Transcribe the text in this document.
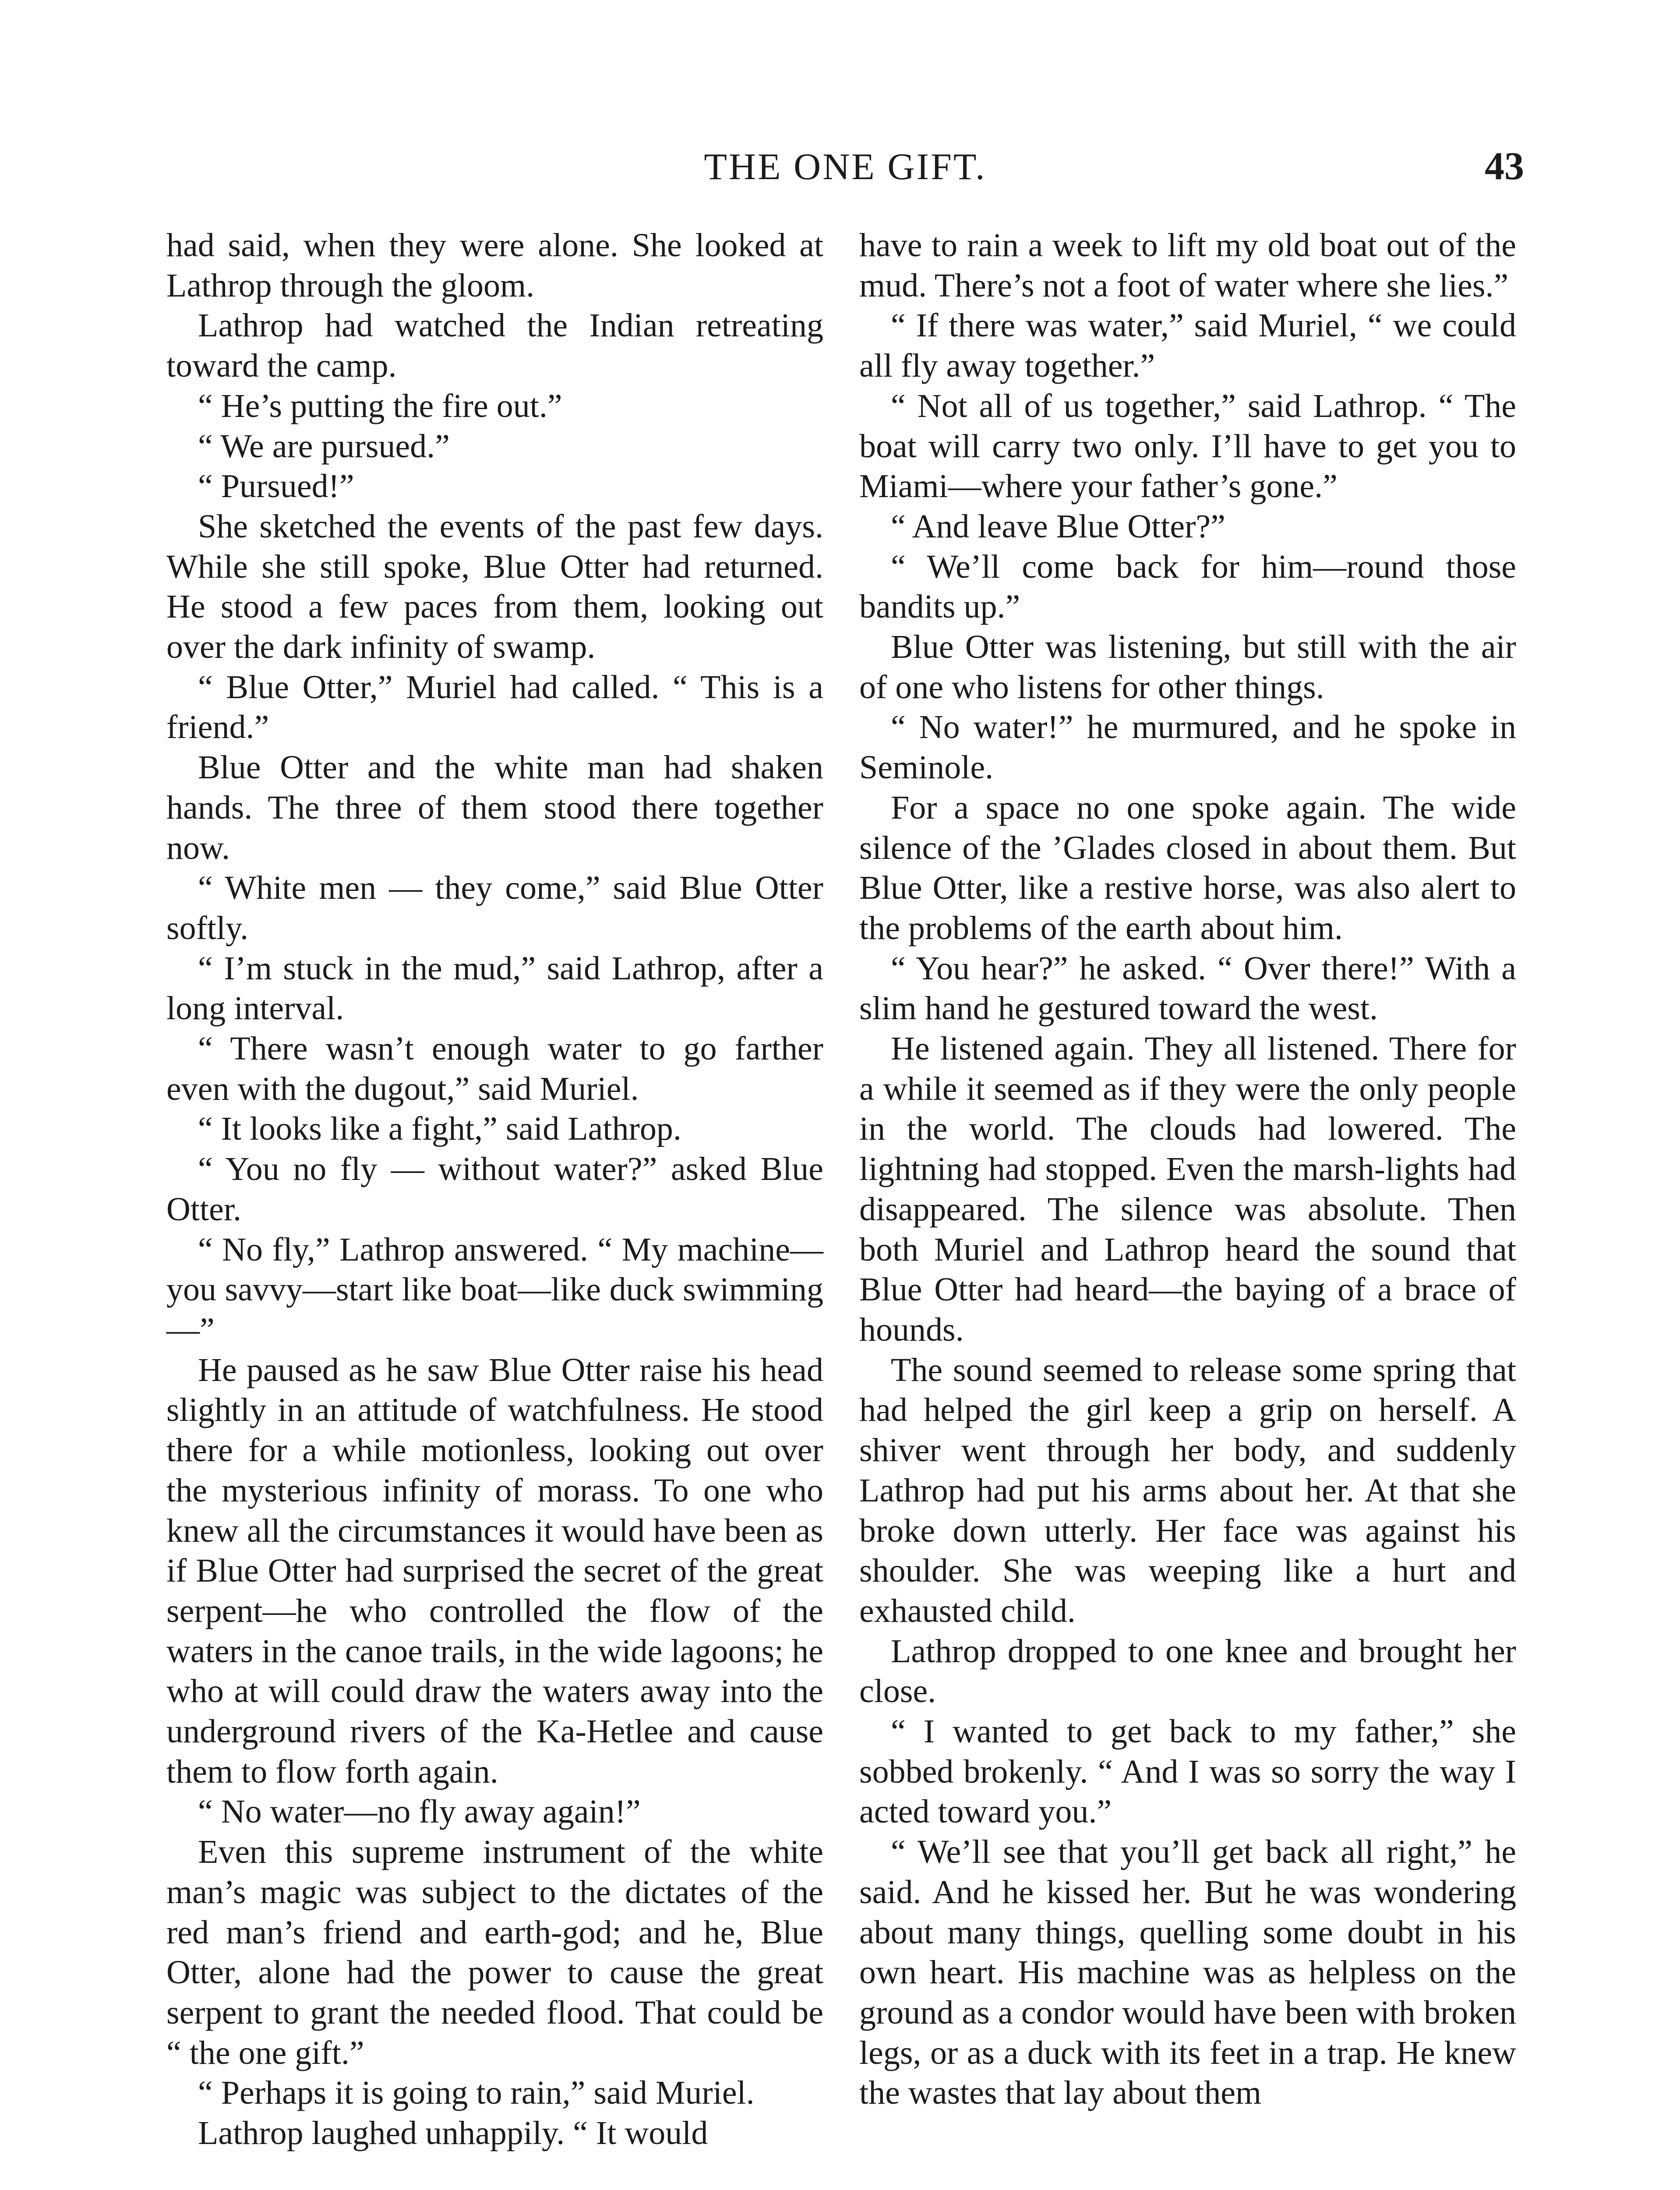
THE ONE GIFT.	43

had said, when they were alone. She looked at Lathrop through the gloom.

Lathrop had watched the Indian retreating toward the camp.

“ He’s putting the fire out.”

“ We are pursued.”

“ Pursued!”

She sketched the events of the past few days. While she still spoke, Blue Otter had returned. He stood a few paces from them, looking out over the dark infinity of swamp.

“ Blue Otter,” Muriel had called. “ This is a friend.”

Blue Otter and the white man had shaken hands. The three of them stood there together now.

“ White men — they come,” said Blue Otter softly.

“ I’m stuck in the mud,” said Lathrop, after a long interval.

“ There wasn’t enough water to go farther even with the dugout,” said Muriel.

“ It looks like a fight,” said Lathrop.

“ You no fly — without water?” asked Blue Otter.

“ No fly,” Lathrop answered. “ My machine—you savvy—start like boat—like duck swimming—”

He paused as he saw Blue Otter raise his head slightly in an attitude of watchfulness. He stood there for a while motionless, looking out over the mysterious infinity of morass. To one who knew all the circumstances it would have been as if Blue Otter had surprised the secret of the great serpent—he who controlled the flow of the waters in the canoe trails, in the wide lagoons; he who at will could draw the waters away into the underground rivers of the Ka-Hetlee and cause them to flow forth again.

“ No water—no fly away again!”

Even this supreme instrument of the white man’s magic was subject to the dictates of the red man’s friend and earth-god; and he, Blue Otter, alone had the power to cause the great serpent to grant the needed flood. That could be “ the one gift.”

“ Perhaps it is going to rain,” said Muriel.

Lathrop laughed unhappily. “ It would

have to rain a week to lift my old boat out of the mud. There’s not a foot of water where she lies.”

“ If there was water,” said Muriel, “ we could all fly away together.”

“ Not all of us together,” said Lathrop. “ The boat will carry two only. I’ll have to get you to Miami—where your father’s gone.”

“ And leave Blue Otter?”

“ We’ll come back for him—round those bandits up.”

Blue Otter was listening, but still with the air of one who listens for other things.

“ No water!” he murmured, and he spoke in Seminole.

For a space no one spoke again. The wide silence of the ’Glades closed in about them. But Blue Otter, like a restive horse, was also alert to the problems of the earth about him.

“ You hear?” he asked. “ Over there!” With a slim hand he gestured toward the west.

He listened again. They all listened. There for a while it seemed as if they were the only people in the world. The clouds had lowered. The lightning had stopped. Even the marsh-lights had disappeared. The silence was absolute. Then both Muriel and Lathrop heard the sound that Blue Otter had heard—the baying of a brace of hounds.

The sound seemed to release some spring that had helped the girl keep a grip on herself. A shiver went through her body, and suddenly Lathrop had put his arms about her. At that she broke down utterly. Her face was against his shoulder. She was weeping like a hurt and exhausted child.

Lathrop dropped to one knee and brought her close.

“ I wanted to get back to my father,” she sobbed brokenly. “ And I was so sorry the way I acted toward you.”

“ We’ll see that you’ll get back all right,” he said. And he kissed her. But he was wondering about many things, quelling some doubt in his own heart. His machine was as helpless on the ground as a condor would have been with broken legs, or as a duck with its feet in a trap. He knew the wastes that lay about them
